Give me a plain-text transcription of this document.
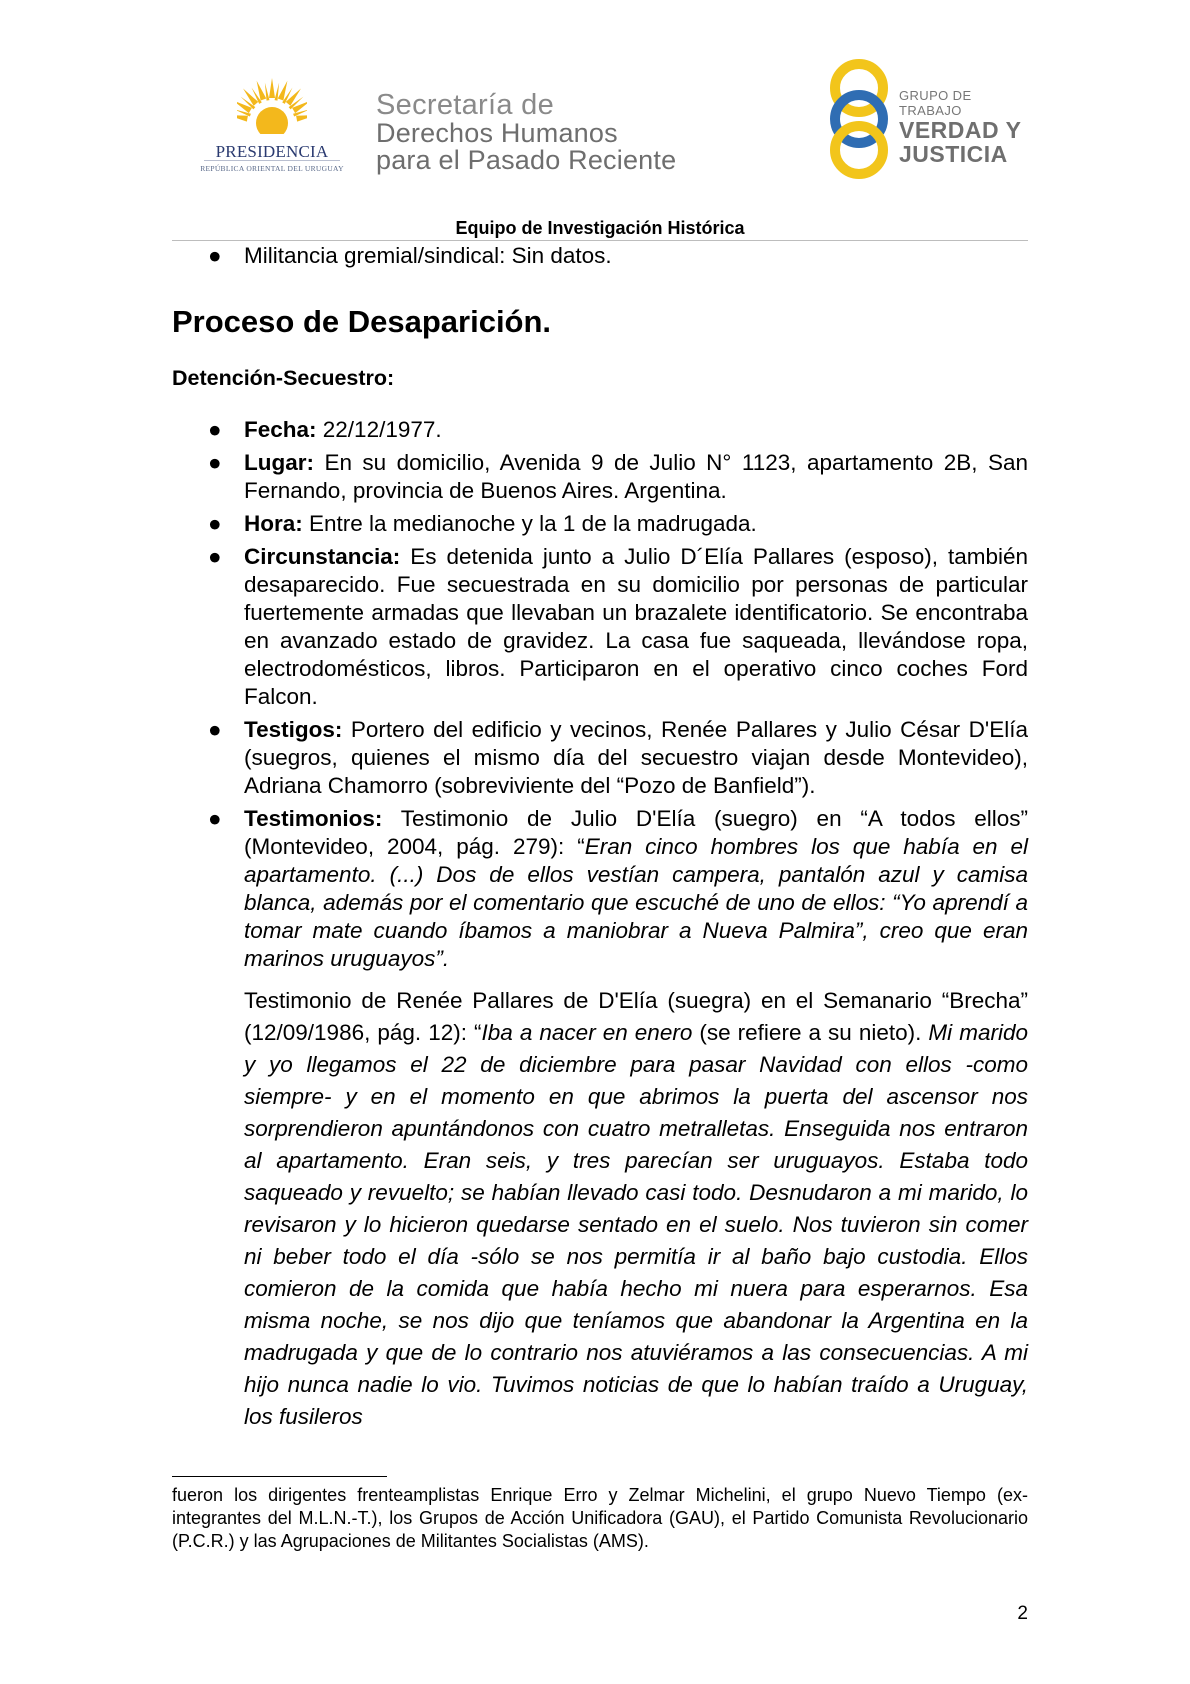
PRESIDENCIA
REPÚBLICA ORIENTAL DEL URUGUAY
Secretaría de
Derechos Humanos
para el Pasado Reciente
GRUPO DE TRABAJO
VERDAD Y
JUSTICIA
Equipo de Investigación Histórica
● Militancia gremial/sindical: Sin datos.
Proceso de Desaparición.
Detención-Secuestro:
● Fecha: 22/12/1977.
● Lugar: En su domicilio, Avenida 9 de Julio N° 1123, apartamento 2B, San Fernando, provincia de Buenos Aires. Argentina.
● Hora: Entre la medianoche y la 1 de la madrugada.
● Circunstancia: Es detenida junto a Julio D´Elía Pallares (esposo), también desaparecido. Fue secuestrada en su domicilio por personas de particular fuertemente armadas que llevaban un brazalete identificatorio. Se encontraba en avanzado estado de gravidez. La casa fue saqueada, llevándose ropa, electrodomésticos, libros. Participaron en el operativo cinco coches Ford Falcon.
● Testigos: Portero del edificio y vecinos, Renée Pallares y Julio César D'Elía (suegros, quienes el mismo día del secuestro viajan desde Montevideo), Adriana Chamorro (sobreviviente del “Pozo de Banfield”).
● Testimonios: Testimonio de Julio D'Elía (suegro) en “A todos ellos” (Montevideo, 2004, pág. 279): “Eran cinco hombres los que había en el apartamento. (...) Dos de ellos vestían campera, pantalón azul y camisa blanca, además por el comentario que escuché de uno de ellos: “Yo aprendí a tomar mate cuando íbamos a maniobrar a Nueva Palmira”, creo que eran marinos uruguayos”.
Testimonio de Renée Pallares de D'Elía (suegra) en el Semanario “Brecha” (12/09/1986, pág. 12): “Iba a nacer en enero (se refiere a su nieto). Mi marido y yo llegamos el 22 de diciembre para pasar Navidad con ellos -como siempre- y en el momento en que abrimos la puerta del ascensor nos sorprendieron apuntándonos con cuatro metralletas. Enseguida nos entraron al apartamento. Eran seis, y tres parecían ser uruguayos. Estaba todo saqueado y revuelto; se habían llevado casi todo. Desnudaron a mi marido, lo revisaron y lo hicieron quedarse sentado en el suelo. Nos tuvieron sin comer ni beber todo el día -sólo se nos permitía ir al baño bajo custodia. Ellos comieron de la comida que había hecho mi nuera para esperarnos. Esa misma noche, se nos dijo que teníamos que abandonar la Argentina en la madrugada y que de lo contrario nos atuviéramos a las consecuencias. A mi hijo nunca nadie lo vio. Tuvimos noticias de que lo habían traído a Uruguay, los fusileros
fueron los dirigentes frenteamplistas Enrique Erro y Zelmar Michelini, el grupo Nuevo Tiempo (ex- integrantes del M.L.N.-T.), los Grupos de Acción Unificadora (GAU), el Partido Comunista Revolucionario (P.C.R.) y las Agrupaciones de Militantes Socialistas (AMS).
2
